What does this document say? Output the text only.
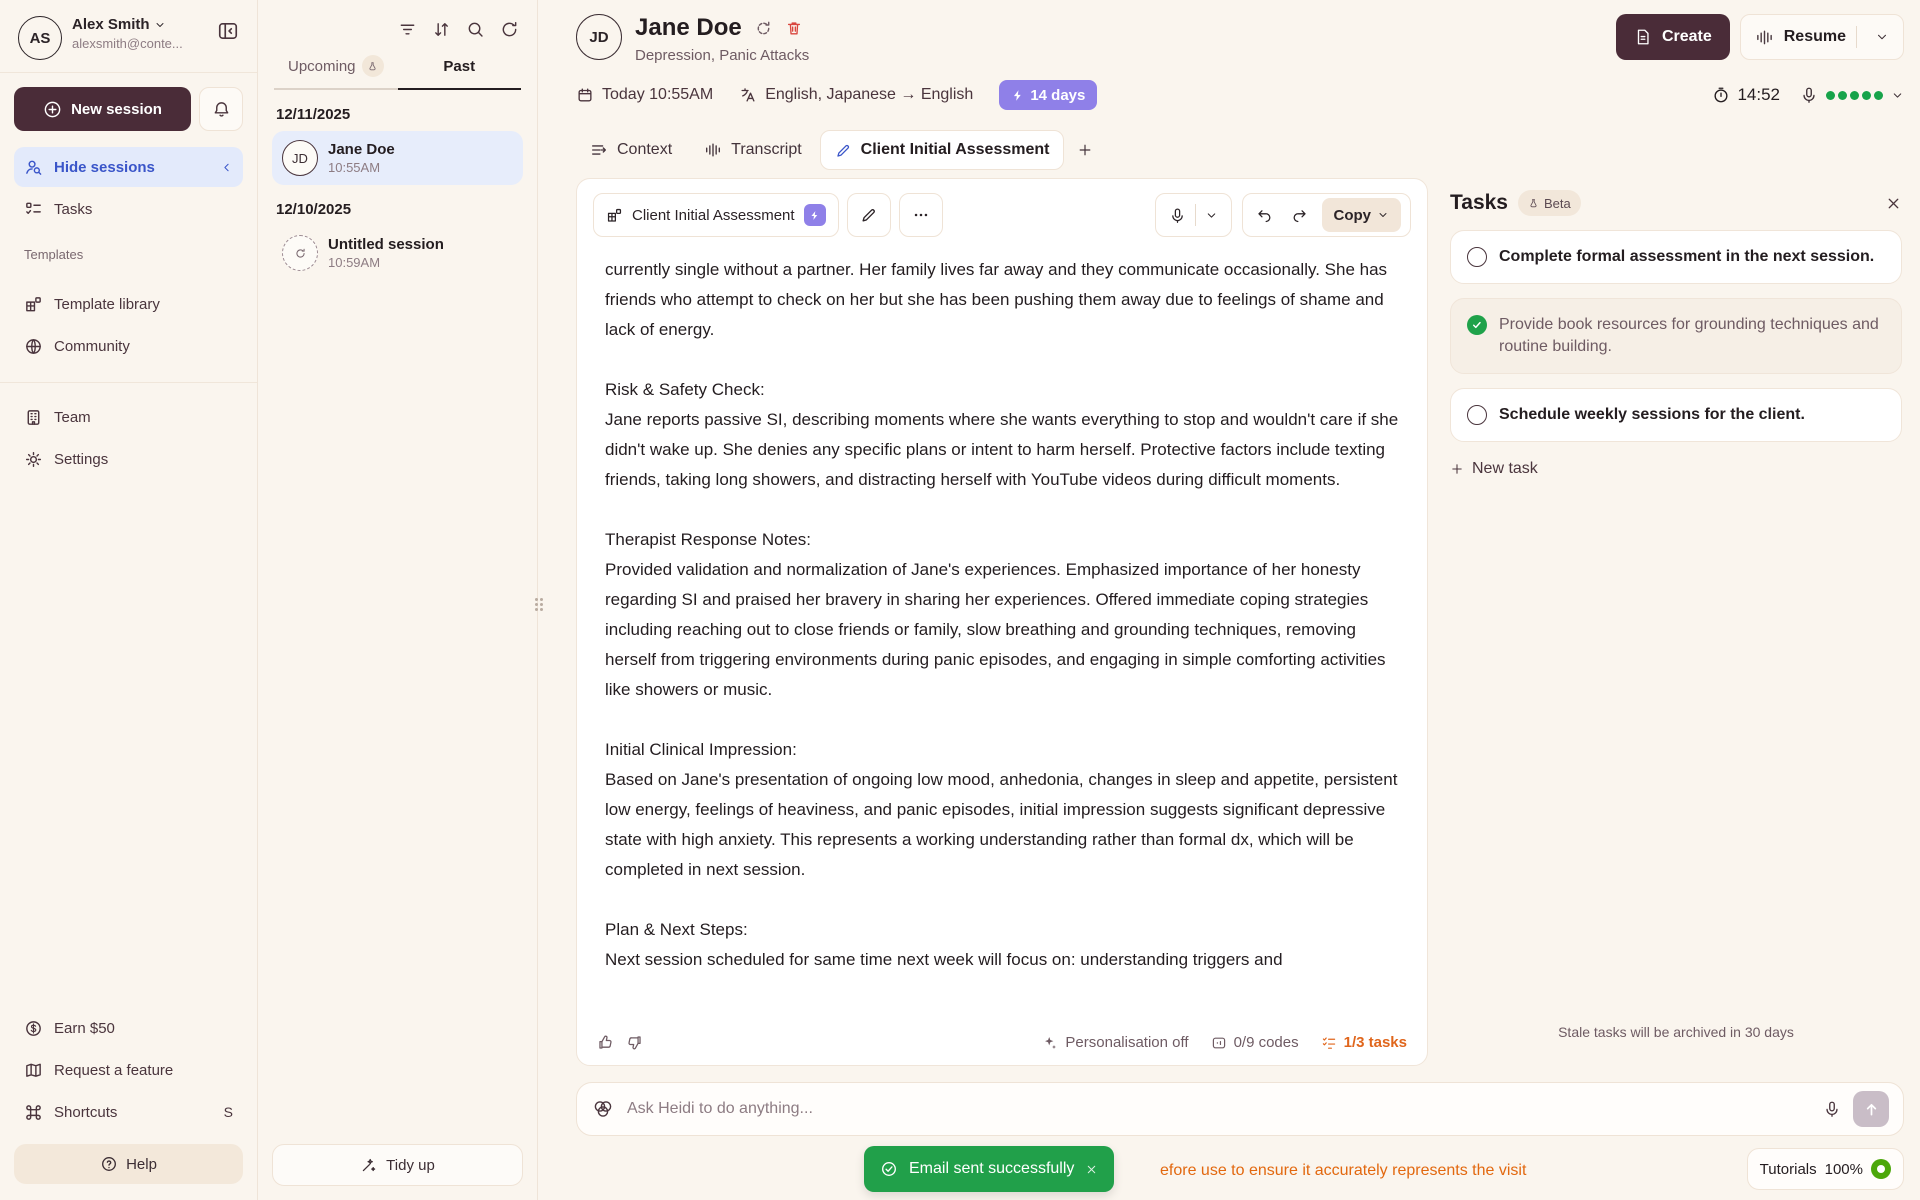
AS
Alex Smith
alexsmith@conte...
New session
Hide sessions
Tasks
Templates
Template library
Community
Team
Settings
Earn $50
Request a feature
Shortcuts	S
Help
Upcoming	Past
12/11/2025
JD Jane Doe
10:55AM
12/10/2025
Untitled session
10:59AM
Tidy up
JD Jane Doe
Depression, Panic Attacks
Create	Resume
Today 10:55AM	English, Japanese → English	14 days	14:52
Context	Transcript	Client Initial Assessment
Client Initial Assessment	Copy

currently single without a partner. Her family lives far away and they communicate occasionally. She has friends who attempt to check on her but she has been pushing them away due to feelings of shame and lack of energy.

Risk & Safety Check:
Jane reports passive SI, describing moments where she wants everything to stop and wouldn't care if she didn't wake up. She denies any specific plans or intent to harm herself. Protective factors include texting friends, taking long showers, and distracting herself with YouTube videos during difficult moments.

Therapist Response Notes:
Provided validation and normalization of Jane's experiences. Emphasized importance of her honesty regarding SI and praised her bravery in sharing her experiences. Offered immediate coping strategies including reaching out to close friends or family, slow breathing and grounding techniques, removing herself from triggering environments during panic episodes, and engaging in simple comforting activities like showers or music.

Initial Clinical Impression:
Based on Jane's presentation of ongoing low mood, anhedonia, changes in sleep and appetite, persistent low energy, feelings of heaviness, and panic episodes, initial impression suggests significant depressive state with high anxiety. This represents a working understanding rather than formal dx, which will be completed in next session.

Plan & Next Steps:
Next session scheduled for same time next week will focus on: understanding triggers and

Personalisation off	0/9 codes	1/3 tasks
Tasks	Beta
Complete formal assessment in the next session.
Provide book resources for grounding techniques and routine building.
Schedule weekly sessions for the client.
New task
Stale tasks will be archived in 30 days
Ask Heidi to do anything...
Email sent successfully	efore use to ensure it accurately represents the visit	Tutorials 100%
